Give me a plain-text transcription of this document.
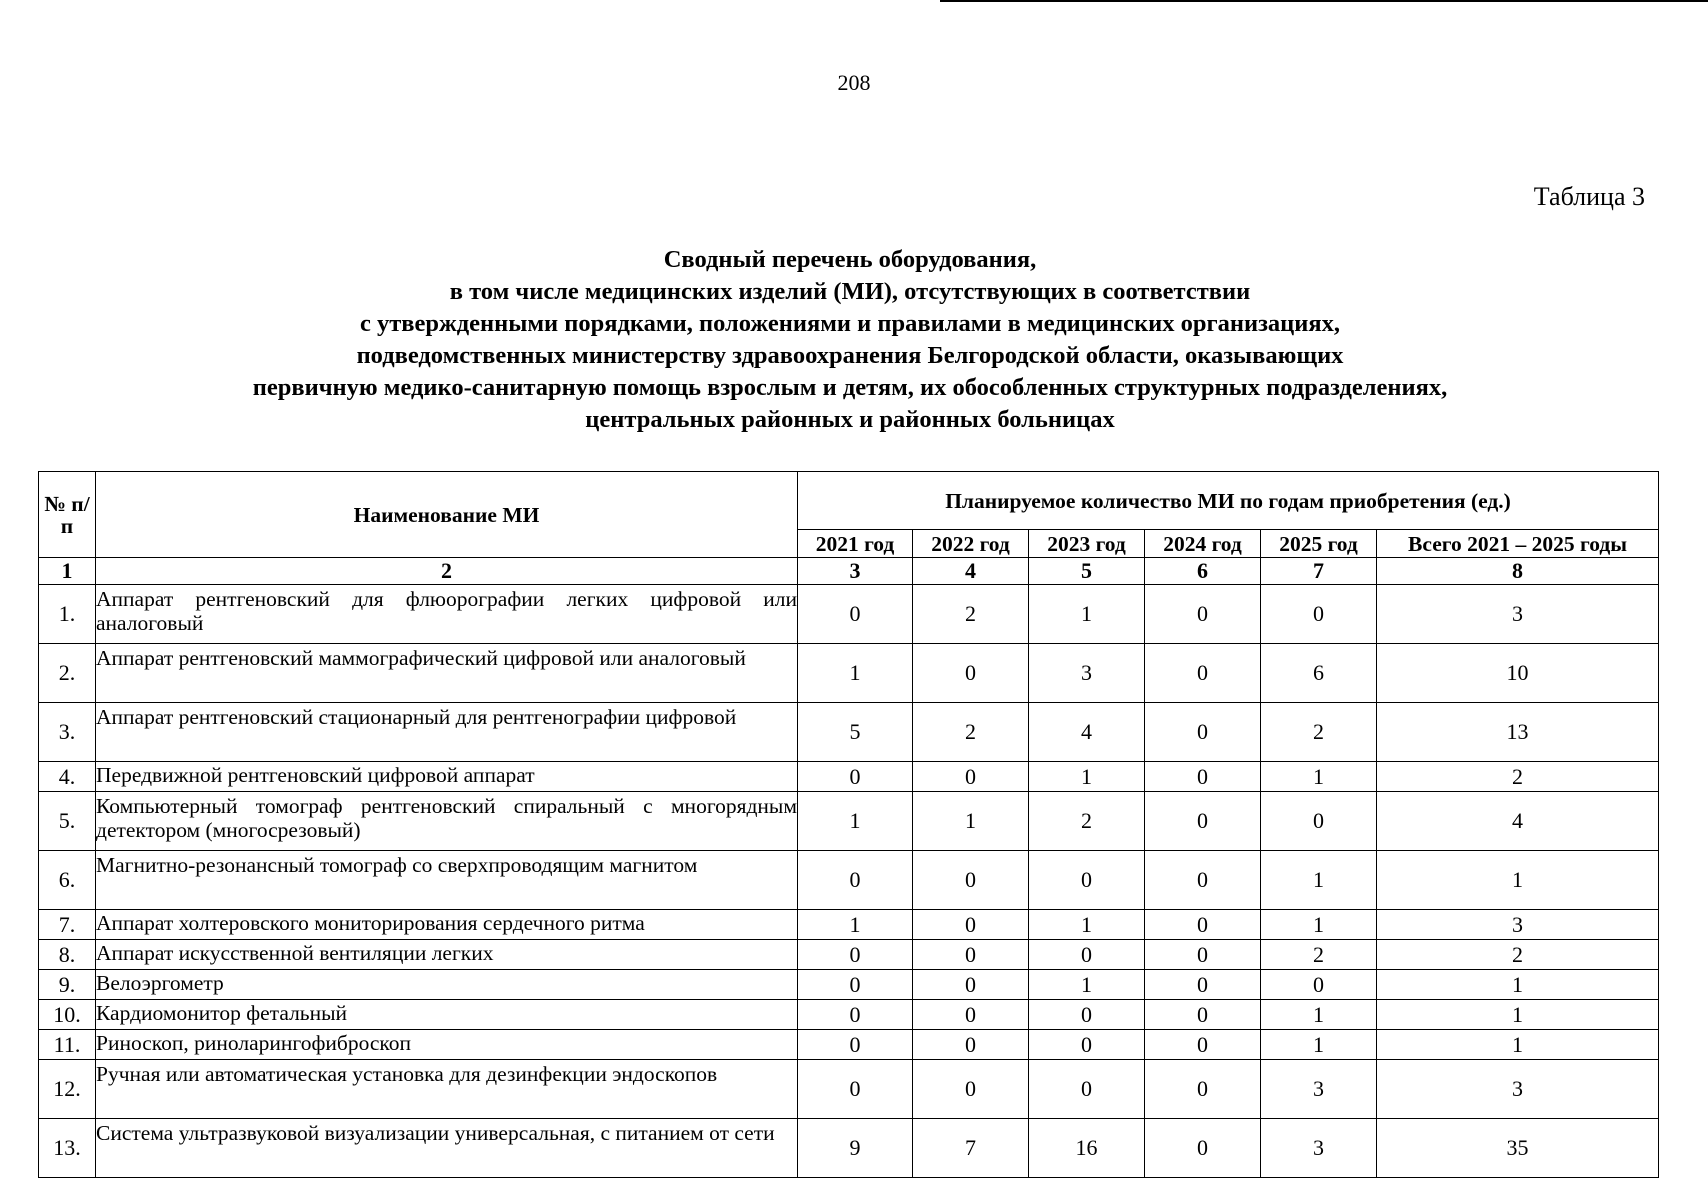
208
Таблица 3
Сводный перечень оборудования,
в том числе медицинских изделий (МИ), отсутствующих в соответствии
с утвержденными порядками, положениями и правилами в медицинских организациях,
подведомственных министерству здравоохранения Белгородской области, оказывающих
первичную медико-санитарную помощь взрослым и детям, их обособленных структурных подразделениях,
центральных районных и районных больницах
№ п/п	Наименование МИ	Планируемое количество МИ по годам приобретения (ед.)					
		2021 год	2022 год	2023 год	2024 год	2025 год	Всего 2021 – 2025 годы
1	2	3	4	5	6	7	8
1.	Аппарат рентгеновский для флюорографии легких цифровой или аналоговый	0	2	1	0	0	3
2.	Аппарат рентгеновский маммографический цифровой или аналоговый	1	0	3	0	6	10
3.	Аппарат рентгеновский стационарный для рентгенографии цифровой	5	2	4	0	2	13
4.	Передвижной рентгеновский цифровой аппарат	0	0	1	0	1	2
5.	Компьютерный томограф рентгеновский спиральный с многорядным детектором (многосрезовый)	1	1	2	0	0	4
6.	Магнитно-резонансный томограф со сверхпроводящим магнитом	0	0	0	0	1	1
7.	Аппарат холтеровского мониторирования сердечного ритма	1	0	1	0	1	3
8.	Аппарат искусственной вентиляции легких	0	0	0	0	2	2
9.	Велоэргометр	0	0	1	0	0	1
10.	Кардиомонитор фетальный	0	0	0	0	1	1
11.	Риноскоп, риноларингофиброскоп	0	0	0	0	1	1
12.	Ручная или автоматическая установка для дезинфекции эндоскопов	0	0	0	0	3	3
13.	Система ультразвуковой визуализации универсальная, с питанием от сети	9	7	16	0	3	35
